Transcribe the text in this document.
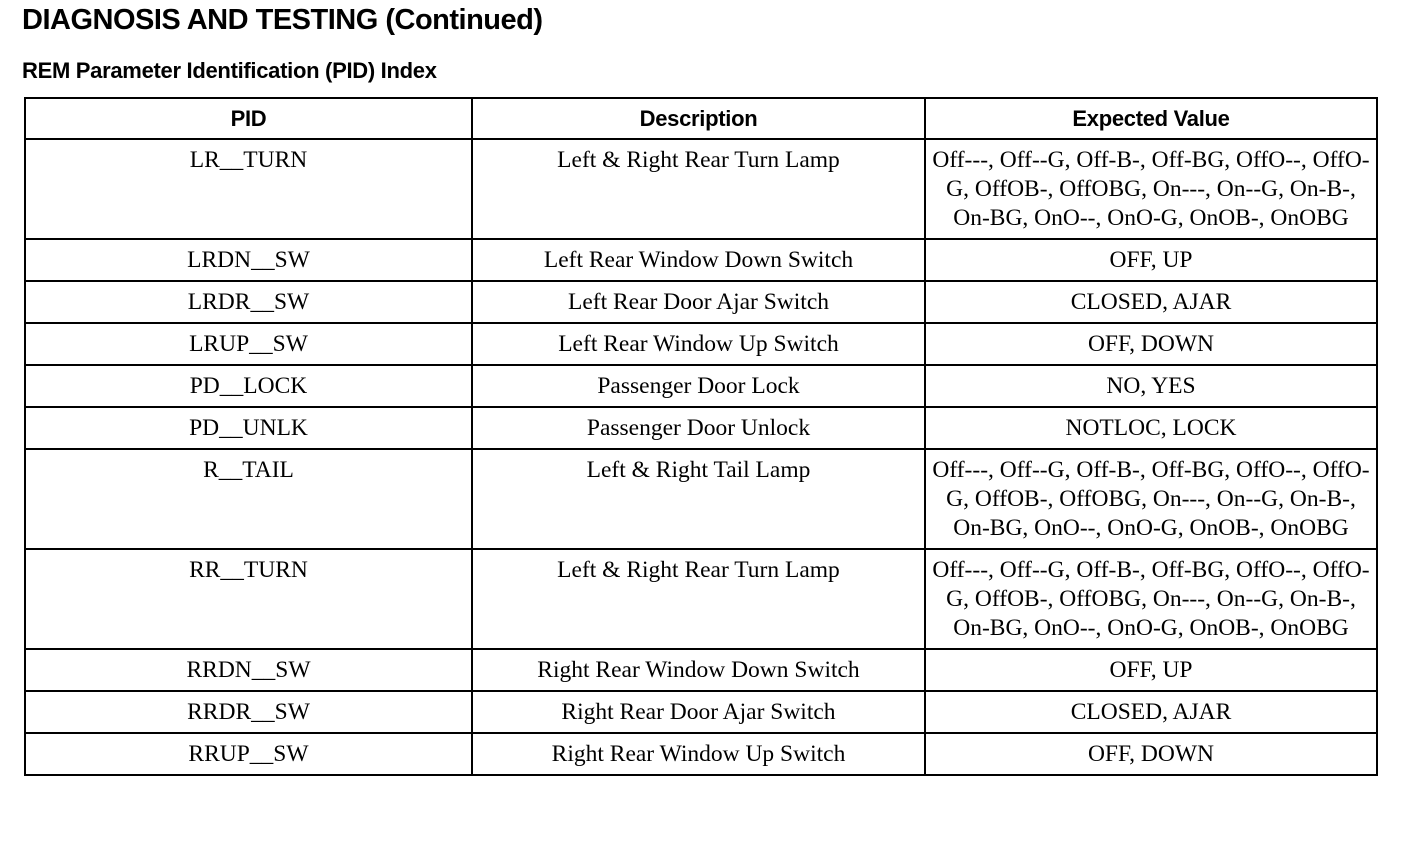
DIAGNOSIS AND TESTING (Continued)
REM Parameter Identification (PID) Index
PID	Description	Expected Value
LR__TURN	Left & Right Rear Turn Lamp	Off---, Off--G, Off-B-, Off-BG, OffO--, OffO-G, OffOB-, OffOBG, On---, On--G, On-B-, On-BG, OnO--, OnO-G, OnOB-, OnOBG
LRDN__SW	Left Rear Window Down Switch	OFF, UP
LRDR__SW	Left Rear Door Ajar Switch	CLOSED, AJAR
LRUP__SW	Left Rear Window Up Switch	OFF, DOWN
PD__LOCK	Passenger Door Lock	NO, YES
PD__UNLK	Passenger Door Unlock	NOTLOC, LOCK
R__TAIL	Left & Right Tail Lamp	Off---, Off--G, Off-B-, Off-BG, OffO--, OffO-G, OffOB-, OffOBG, On---, On--G, On-B-, On-BG, OnO--, OnO-G, OnOB-, OnOBG
RR__TURN	Left & Right Rear Turn Lamp	Off---, Off--G, Off-B-, Off-BG, OffO--, OffO-G, OffOB-, OffOBG, On---, On--G, On-B-, On-BG, OnO--, OnO-G, OnOB-, OnOBG
RRDN__SW	Right Rear Window Down Switch	OFF, UP
RRDR__SW	Right Rear Door Ajar Switch	CLOSED, AJAR
RRUP__SW	Right Rear Window Up Switch	OFF, DOWN
